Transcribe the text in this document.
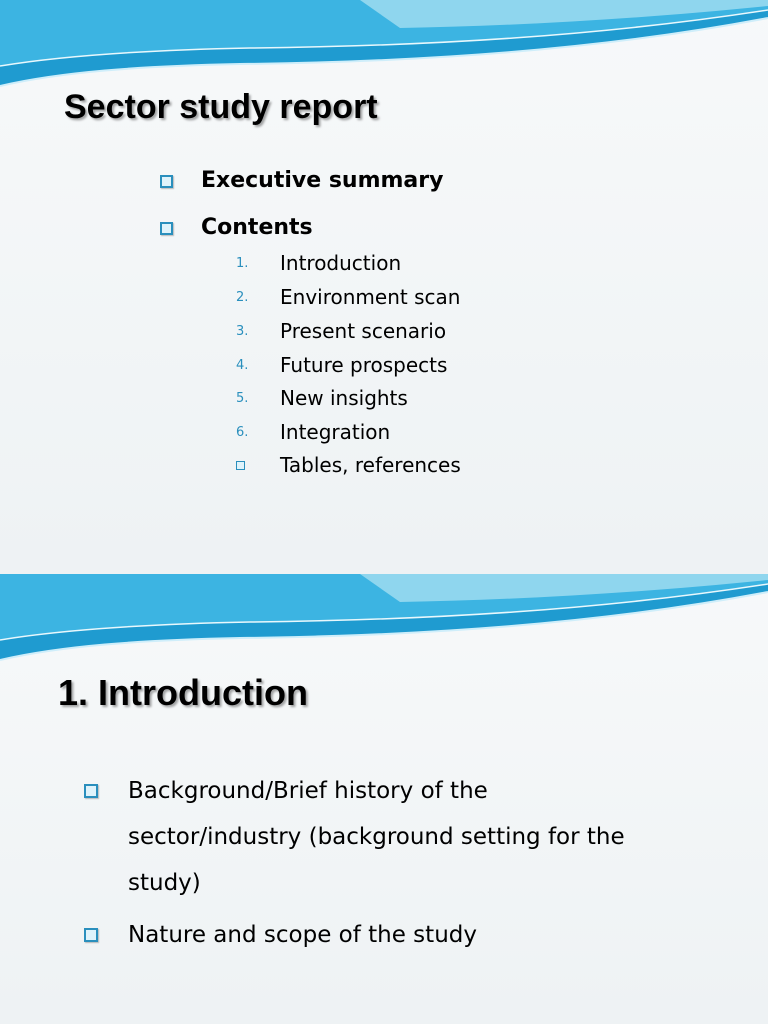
Sector study report
Executive summary
Contents
1.	Introduction
2.	Environment scan
3.	Present scenario
4.	Future prospects
5.	New insights
6.	Integration
Tables, references
1. Introduction
Background/Brief history of the sector/industry (background setting for the study)
Nature and scope of the study
